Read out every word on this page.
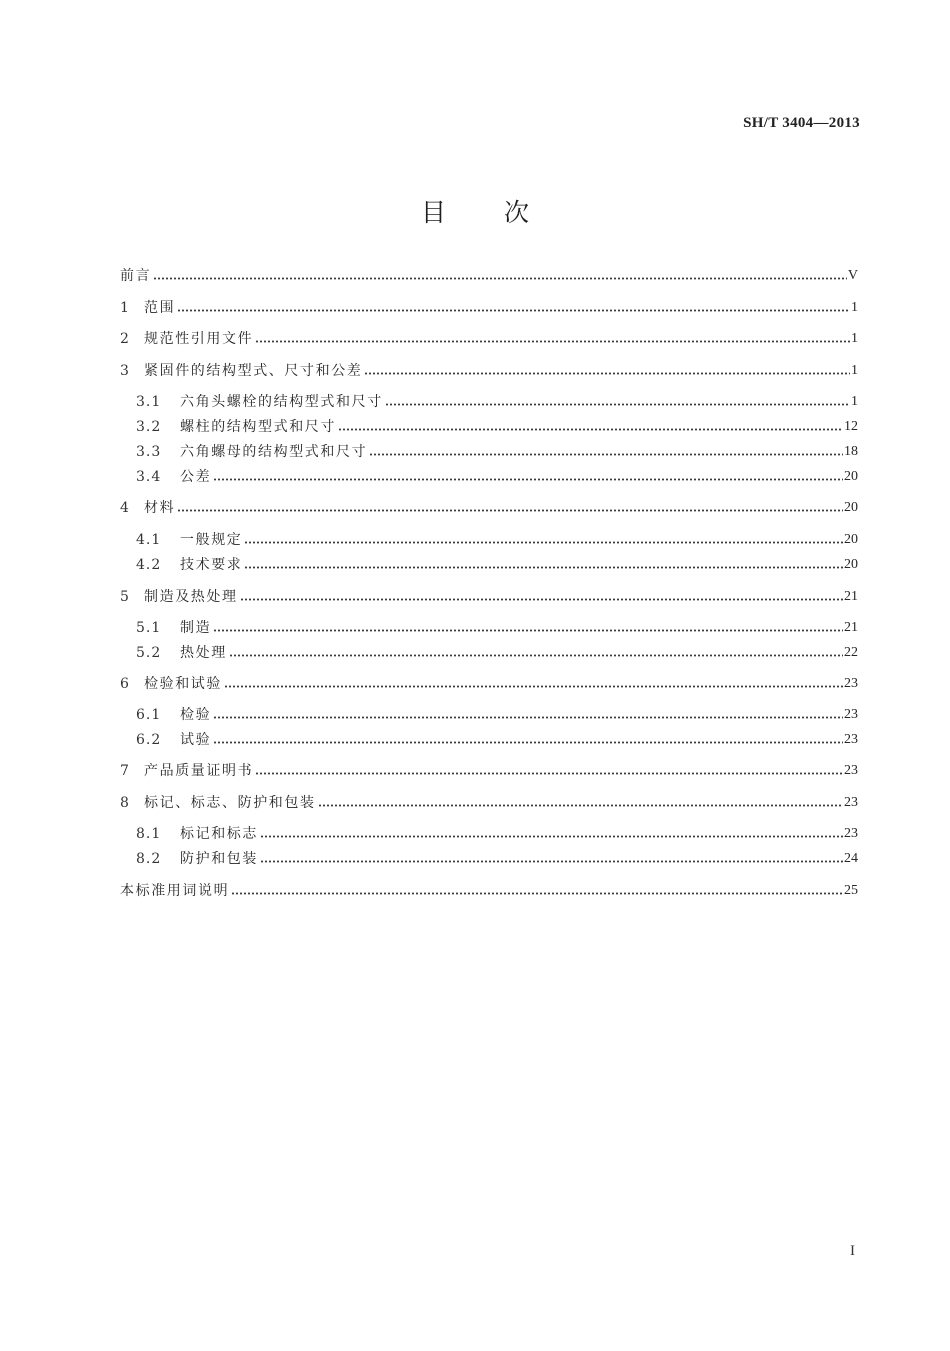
SH/T 3404—2013
目次
前言	V
1	范围	1
2	规范性引用文件	1
3	紧固件的结构型式、尺寸和公差	1
3.1	六角头螺栓的结构型式和尺寸	1
3.2	螺柱的结构型式和尺寸	12
3.3	六角螺母的结构型式和尺寸	18
3.4	公差	20
4	材料	20
4.1	一般规定	20
4.2	技术要求	20
5	制造及热处理	21
5.1	制造	21
5.2	热处理	22
6	检验和试验	23
6.1	检验	23
6.2	试验	23
7	产品质量证明书	23
8	标记、标志、防护和包装	23
8.1	标记和标志	23
8.2	防护和包装	24
本标准用词说明	25
I
